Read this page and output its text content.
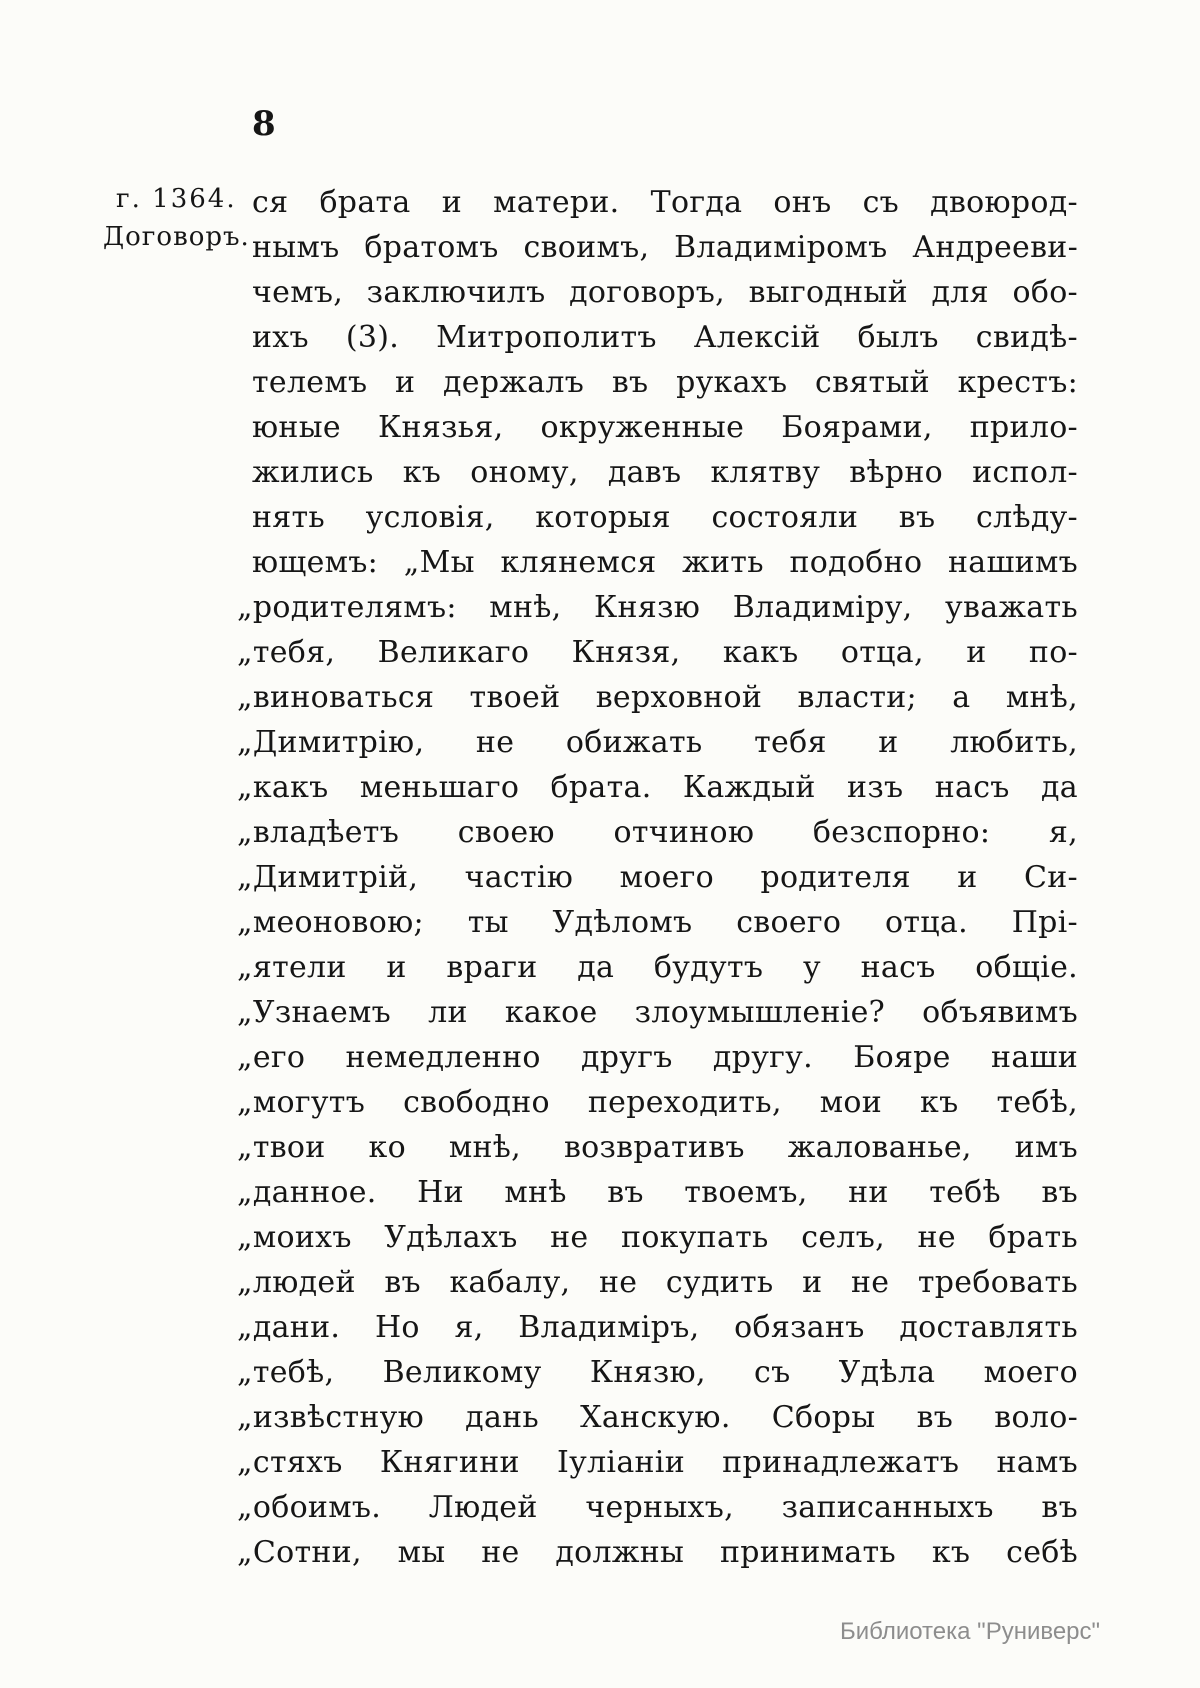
8
г. 1364.
Договоръ.
ся брата и матери. Тогда онъ съ двоюрод-
нымъ братомъ своимъ, Владиміромъ Андрееви-
чемъ, заключилъ договоръ, выгодный для обо-
ихъ (3). Митрополитъ Алексій былъ свидѣ-
телемъ и держалъ въ рукахъ святый крестъ:
юные Князья, окруженные Боярами, прило-
жились къ оному, давъ клятву вѣрно испол-
нять условія, которыя состояли въ слѣду-
ющемъ: „Мы клянемся жить подобно нашимъ
„родителямъ: мнѣ, Князю Владиміру, уважать
„тебя, Великаго Князя, какъ отца, и по-
„виноваться твоей верховной власти; а мнѣ,
„Димитрію, не обижать тебя и любить,
„какъ меньшаго брата. Каждый изъ насъ да
„владѣетъ своею отчиною безспорно: я,
„Димитрій, частію моего родителя и Си-
„меоновою; ты Удѣломъ своего отца. Прі-
„ятели и враги да будутъ у насъ общіе.
„Узнаемъ ли какое злоумышленіе? объявимъ
„его немедленно другъ другу. Бояре наши
„могутъ свободно переходить, мои къ тебѣ,
„твои ко мнѣ, возвративъ жалованье, имъ
„данное. Ни мнѣ въ твоемъ, ни тебѣ въ
„моихъ Удѣлахъ не покупать селъ, не брать
„людей въ кабалу, не судить и не требовать
„дани. Но я, Владиміръ, обязанъ доставлять
„тебѣ, Великому Князю, съ Удѣла моего
„извѣстную дань Ханскую. Сборы въ воло-
„стяхъ Княгини Іуліаніи принадлежатъ намъ
„обоимъ. Людей черныхъ, записанныхъ въ
„Сотни, мы не должны принимать къ себѣ
Библиотека "Руниверс"
